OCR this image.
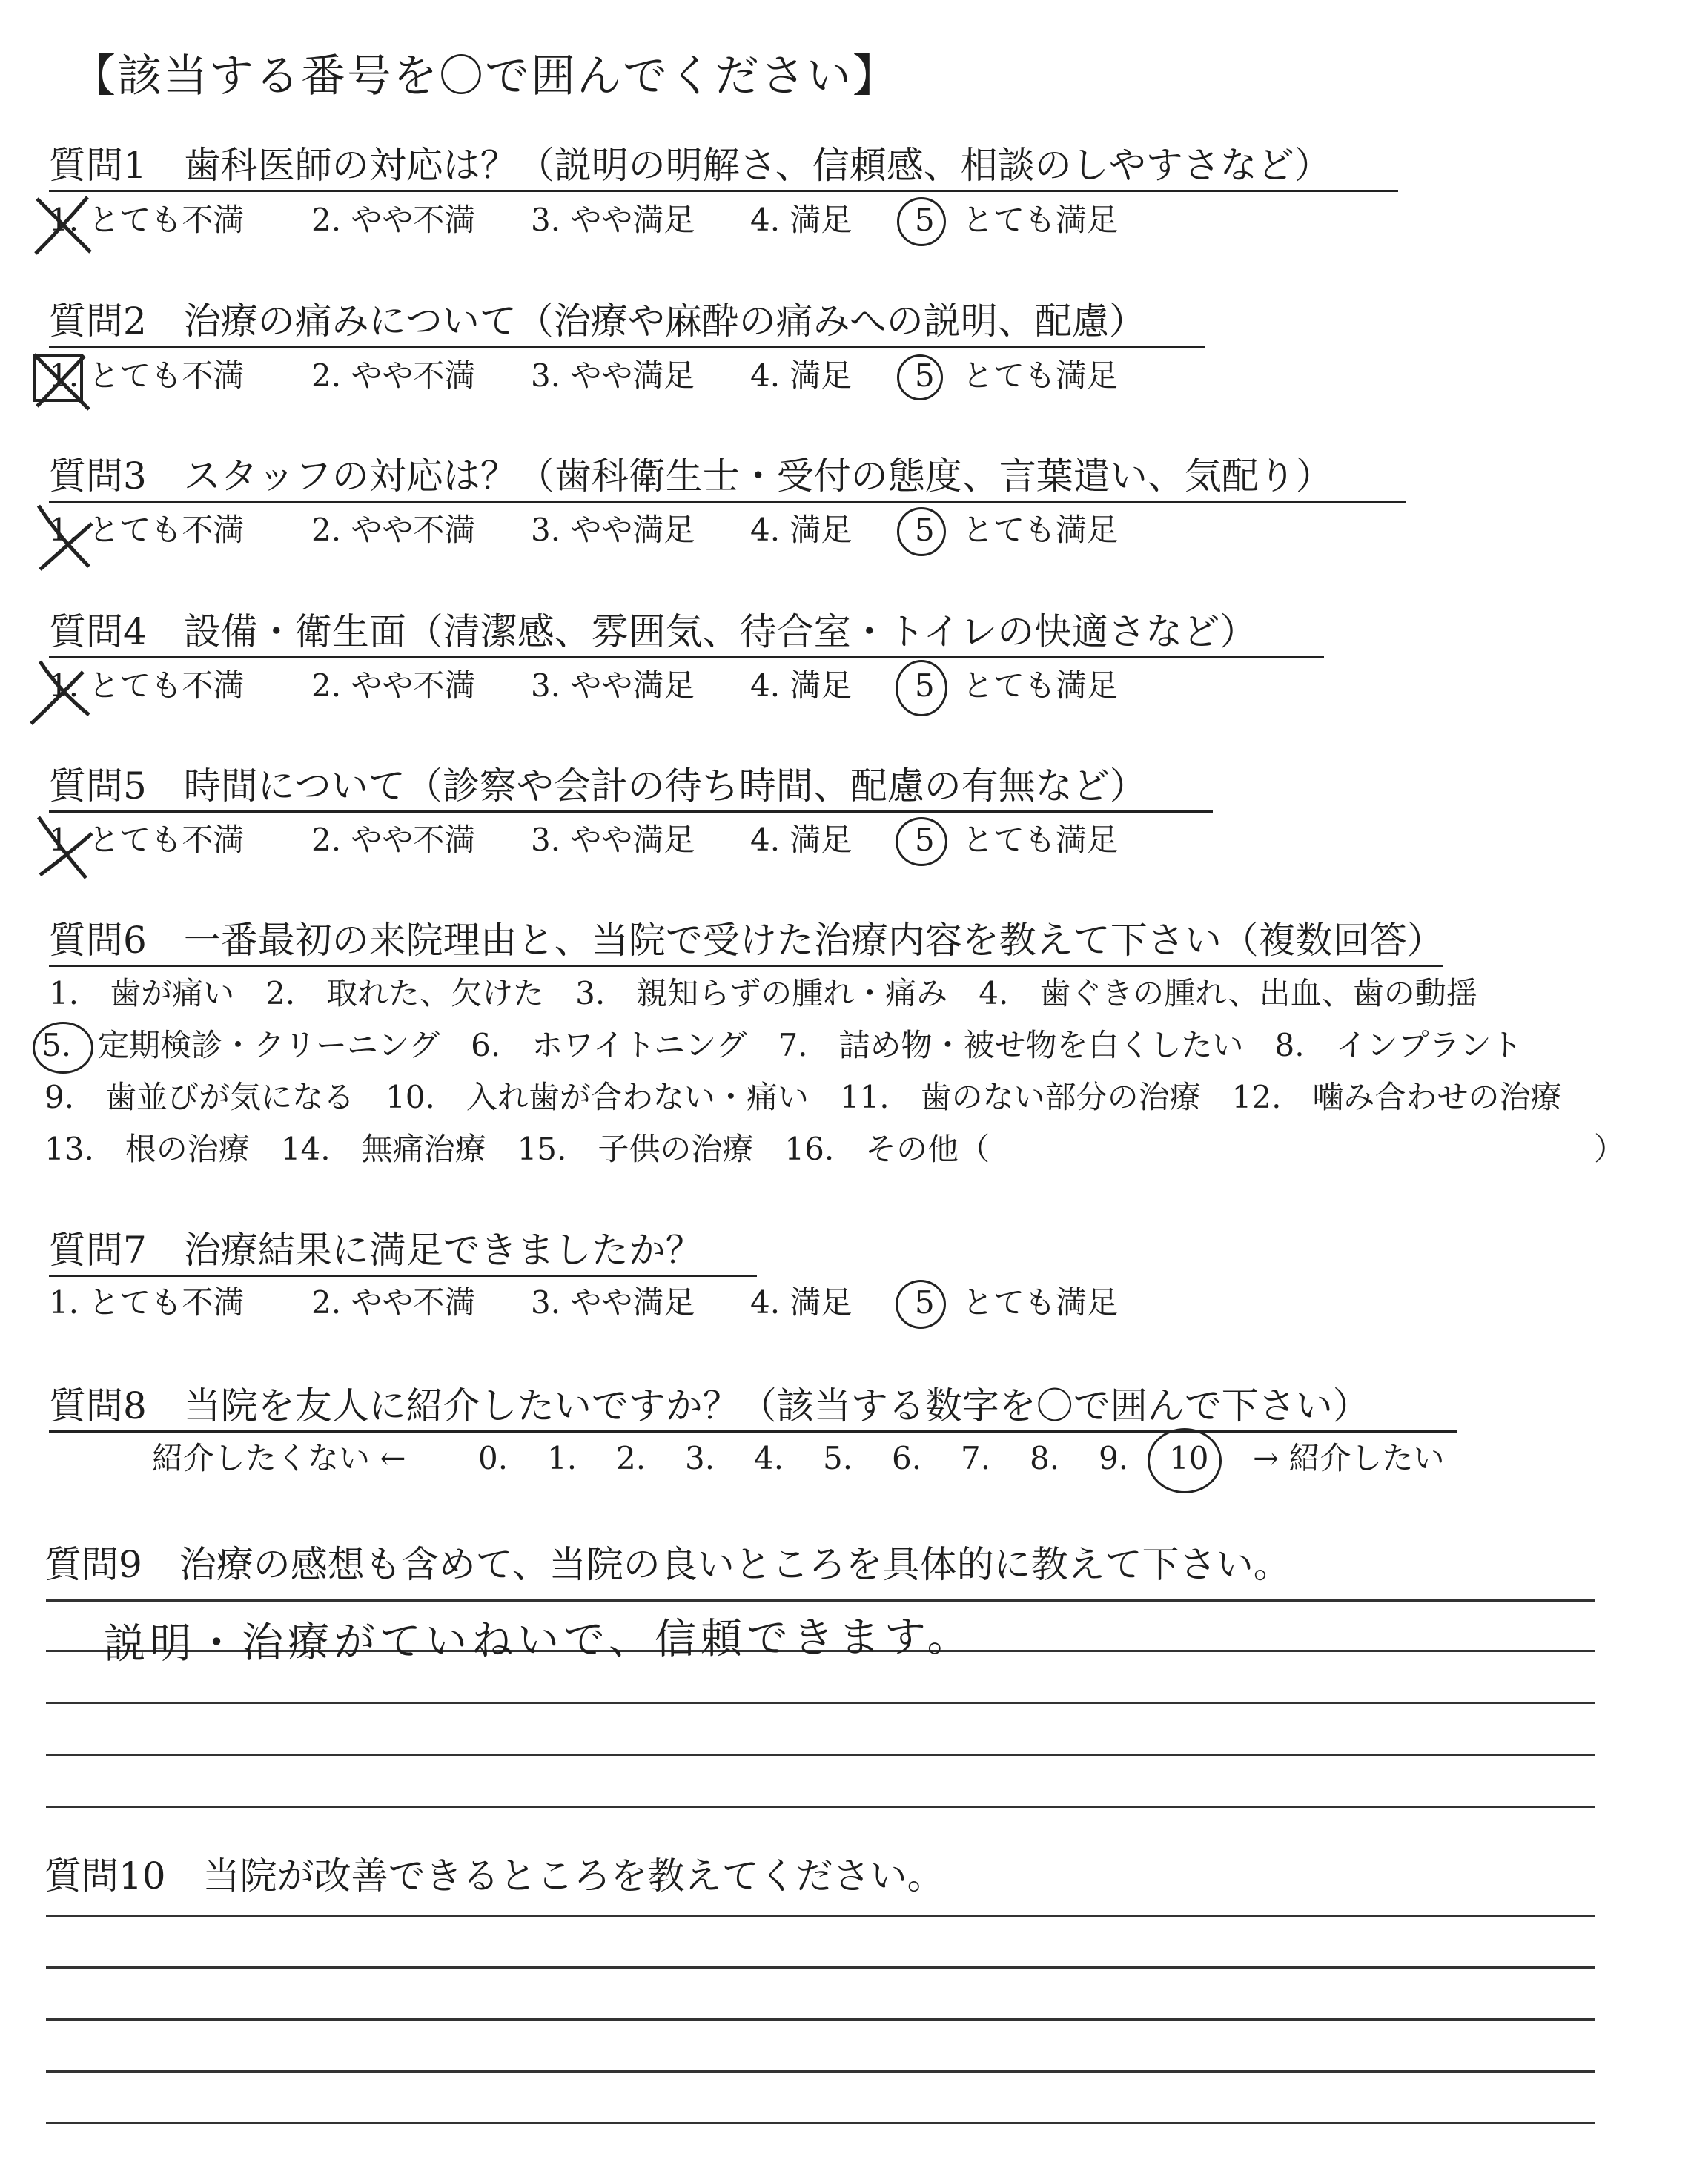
【該当する番号を〇で囲んでください】
質問1　歯科医師の対応は？（説明の明解さ、信頼感、相談のしやすさなど）
1. とても不満 2. やや不満 3. やや満足 4. 満足 5 とても満足
質問2　治療の痛みについて（治療や麻酔の痛みへの説明、配慮）
1. とても不満 2. やや不満 3. やや満足 4. 満足 5 とても満足
質問3　スタッフの対応は？（歯科衛生士・受付の態度、言葉遣い、気配り）
1. とても不満 2. やや不満 3. やや満足 4. 満足 5 とても満足
質問4　設備・衛生面（清潔感、雰囲気、待合室・トイレの快適さなど）
1. とても不満 2. やや不満 3. やや満足 4. 満足 5 とても満足
質問5　時間について（診察や会計の待ち時間、配慮の有無など）
1. とても不満 2. やや不満 3. やや満足 4. 満足 5 とても満足
質問6　一番最初の来院理由と、当院で受けた治療内容を教えて下さい（複数回答）
1.　歯が痛い　2.　取れた、欠けた　3.　親知らずの腫れ・痛み　4.　歯ぐきの腫れ、出血、歯の動揺
5. 定期検診・クリーニング　6.　ホワイトニング　7.　詰め物・被せ物を白くしたい　8.　インプラント
9.　歯並びが気になる　10.　入れ歯が合わない・痛い　11.　歯のない部分の治療　12.　噛み合わせの治療
13.　根の治療　14.　無痛治療　15.　子供の治療　16.　その他（	）
質問7　治療結果に満足できましたか？
1. とても不満 2. やや不満 3. やや満足 4. 満足 5 とても満足
質問8　当院を友人に紹介したいですか？（該当する数字を〇で囲んで下さい）
紹介したくない ← 0. 1. 2. 3. 4. 5. 6. 7. 8. 9. 10 → 紹介したい
質問9　治療の感想も含めて、当院の良いところを具体的に教えて下さい。
説明・治療がていねいで、信頼できます。
質問10　当院が改善できるところを教えてください。
